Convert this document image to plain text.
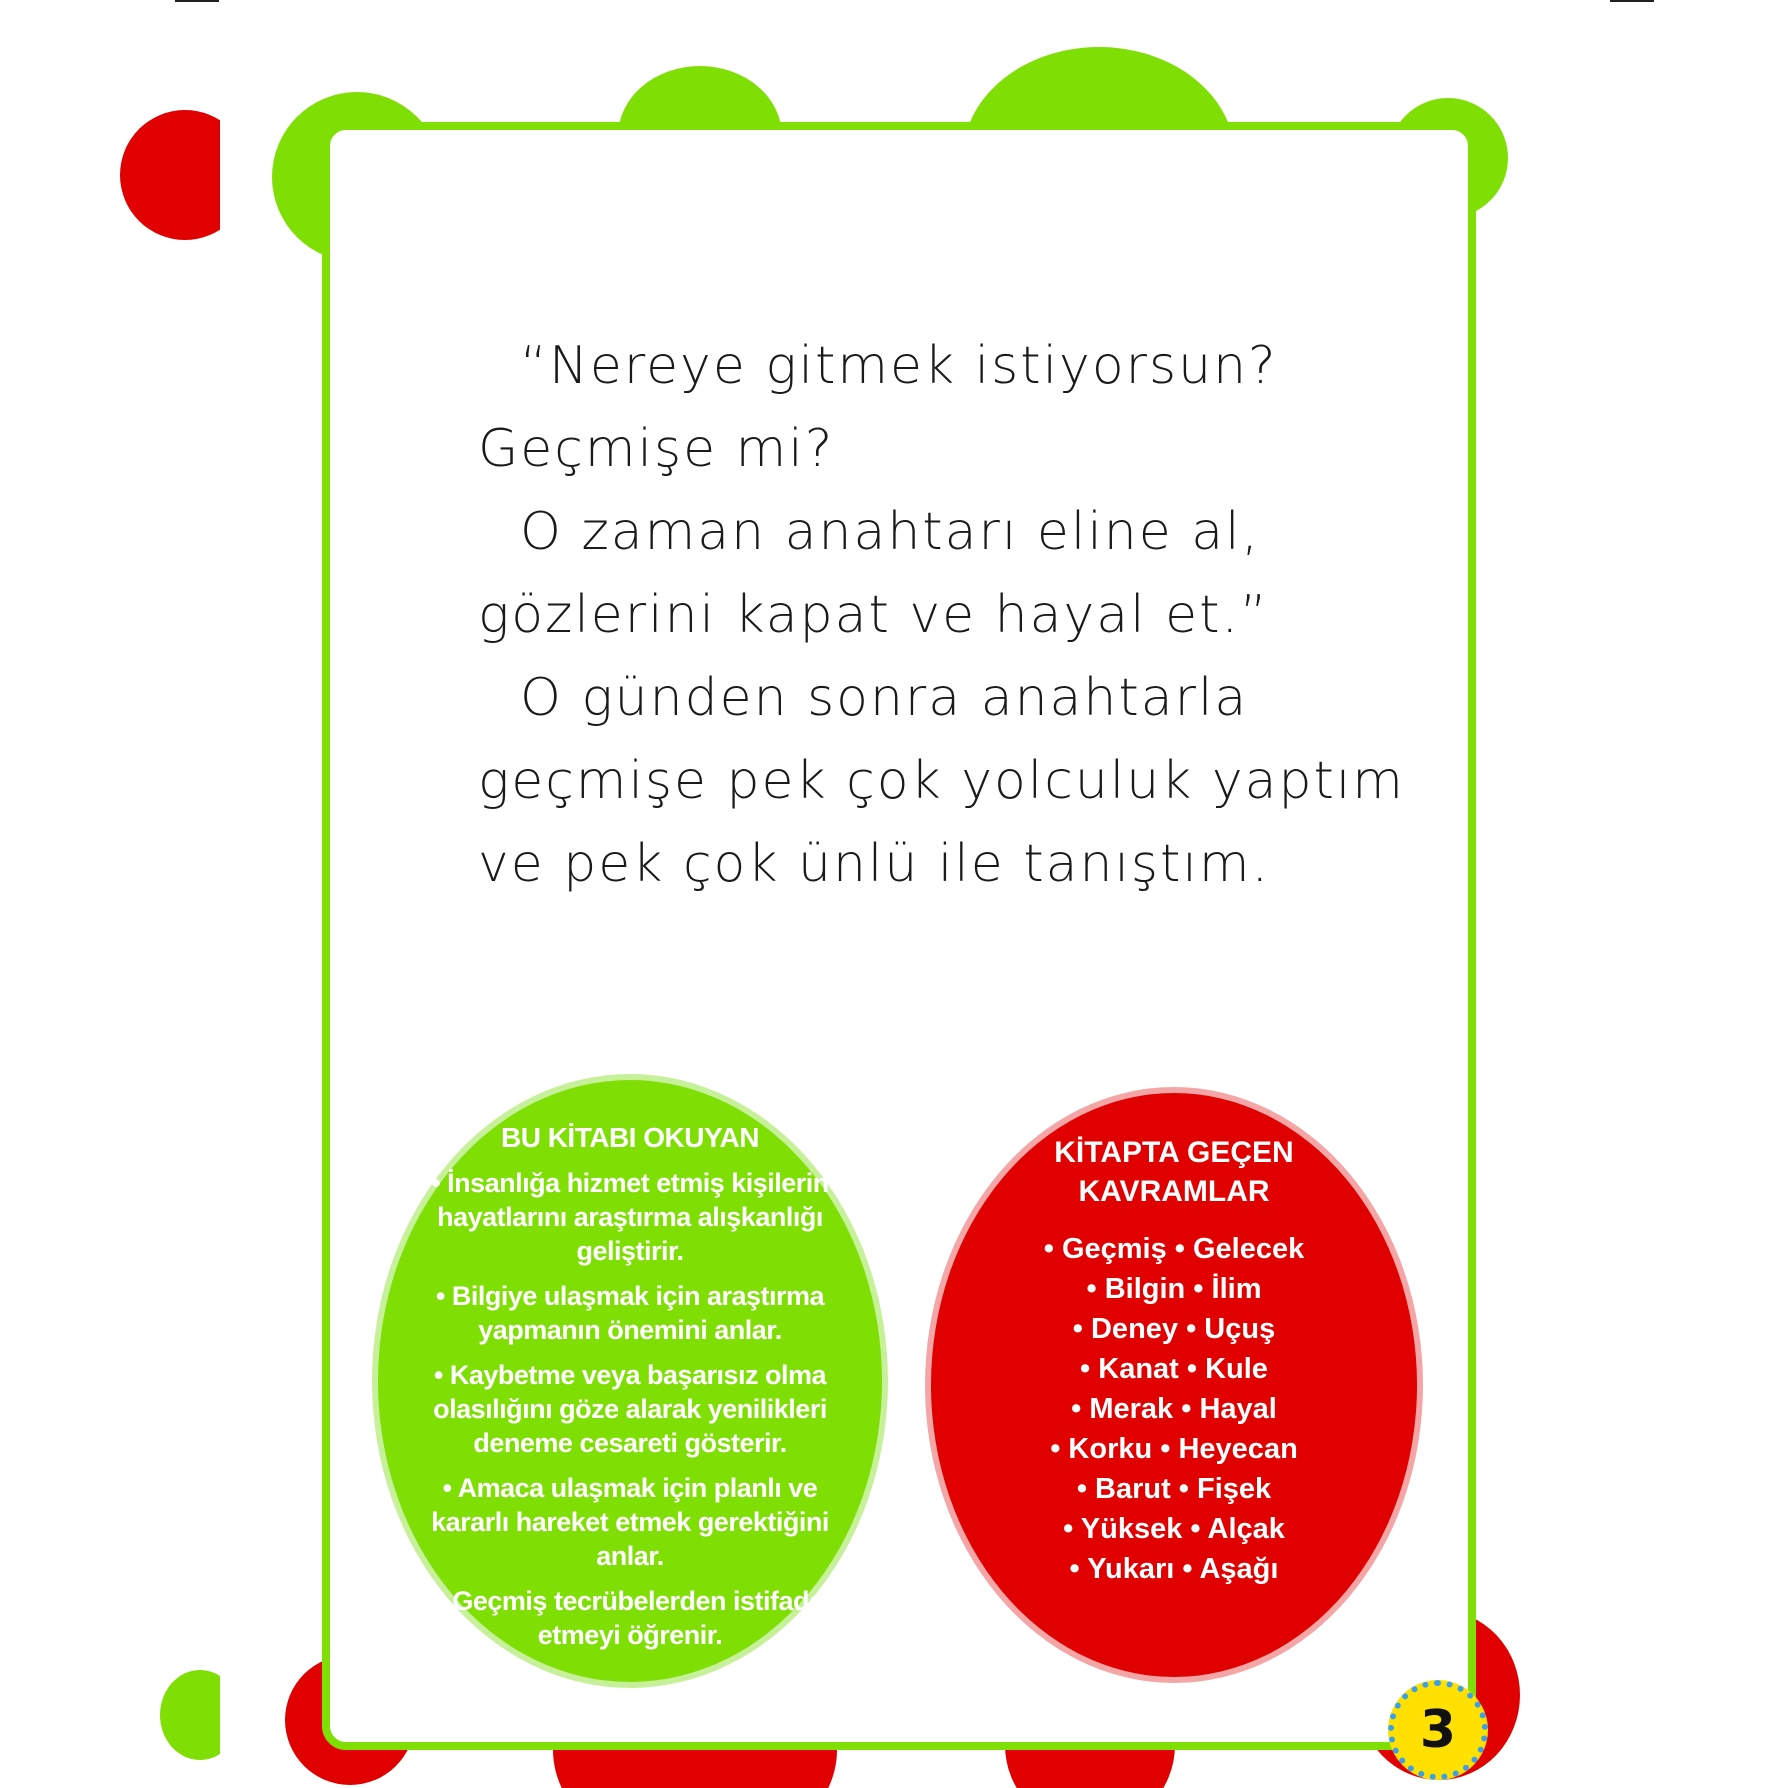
“Nereye gitmek istiyorsun?
Geçmişe mi?
O zaman anahtarı eline al,
gözlerini kapat ve hayal et.”
O günden sonra anahtarla
geçmişe pek çok yolculuk yaptım
ve pek çok ünlü ile tanıştım.

BU KİTABI OKUYAN
• İnsanlığa hizmet etmiş kişilerin hayatlarını araştırma alışkanlığı geliştirir.
• Bilgiye ulaşmak için araştırma yapmanın önemini anlar.
• Kaybetme veya başarısız olma olasılığını göze alarak yenilikleri deneme cesareti gösterir.
• Amaca ulaşmak için planlı ve kararlı hareket etmek gerektiğini anlar.
• Geçmiş tecrübelerden istifade etmeyi öğrenir.
KİTAPTA GEÇEN
KAVRAMLAR
• Geçmiş • Gelecek
• Bilgin • İlim
• Deney • Uçuş
• Kanat • Kule
• Merak • Hayal
• Korku • Heyecan
• Barut • Fişek
• Yüksek • Alçak
• Yukarı • Aşağı
3
